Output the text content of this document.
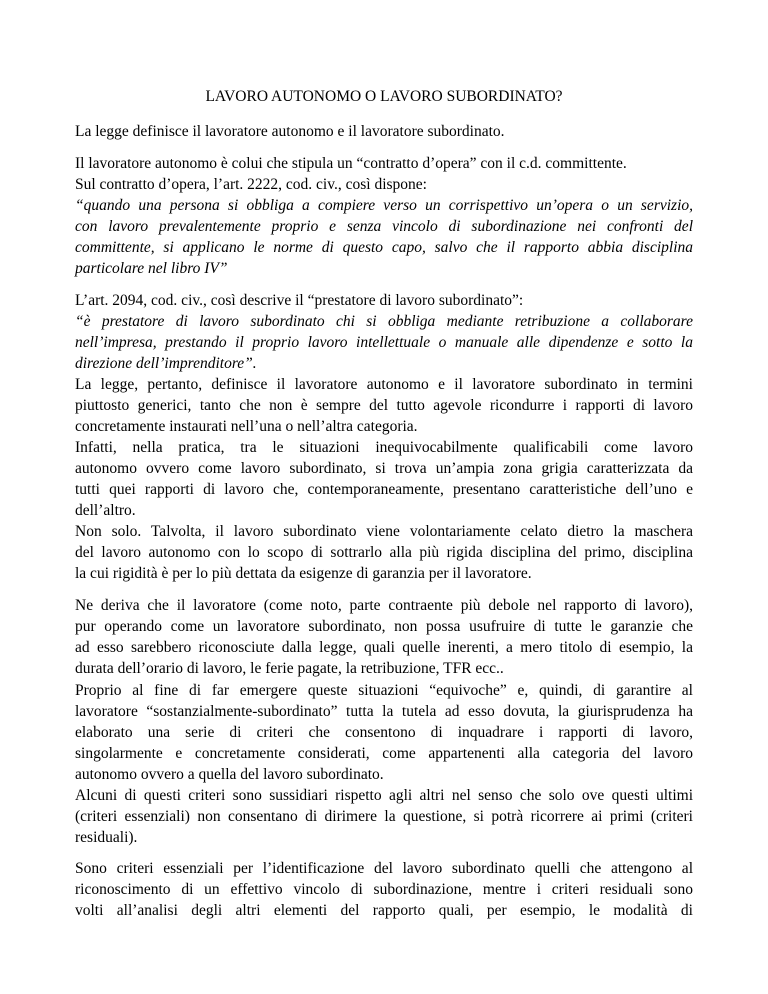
LAVORO AUTONOMO O LAVORO SUBORDINATO?
La legge definisce il lavoratore autonomo e il lavoratore subordinato.
Il lavoratore autonomo è colui che stipula un “contratto d’opera” con il c.d. committente.
Sul contratto d’opera, l’art. 2222, cod. civ., così dispone:
“quando una persona si obbliga a compiere verso un corrispettivo un’opera o un servizio,
con lavoro prevalentemente proprio e senza vincolo di subordinazione nei confronti del
committente, si applicano le norme di questo capo, salvo che il rapporto abbia disciplina
particolare nel libro IV”
L’art. 2094, cod. civ., così descrive il “prestatore di lavoro subordinato”:
“è prestatore di lavoro subordinato chi si obbliga mediante retribuzione a collaborare
nell’impresa, prestando il proprio lavoro intellettuale o manuale alle dipendenze e sotto la
direzione dell’imprenditore”.
La legge, pertanto, definisce il lavoratore autonomo e il lavoratore subordinato in termini
piuttosto generici, tanto che non è sempre del tutto agevole ricondurre i rapporti di lavoro
concretamente instaurati nell’una o nell’altra categoria.
Infatti, nella pratica, tra le situazioni inequivocabilmente qualificabili come lavoro
autonomo ovvero come lavoro subordinato, si trova un’ampia zona grigia caratterizzata da
tutti quei rapporti di lavoro che, contemporaneamente, presentano caratteristiche dell’uno e
dell’altro.
Non solo. Talvolta, il lavoro subordinato viene volontariamente celato dietro la maschera
del lavoro autonomo con lo scopo di sottrarlo alla più rigida disciplina del primo, disciplina
la cui rigidità è per lo più dettata da esigenze di garanzia per il lavoratore.
Ne deriva che il lavoratore (come noto, parte contraente più debole nel rapporto di lavoro),
pur operando come un lavoratore subordinato, non possa usufruire di tutte le garanzie che
ad esso sarebbero riconosciute dalla legge, quali quelle inerenti, a mero titolo di esempio, la
durata dell’orario di lavoro, le ferie pagate, la retribuzione, TFR ecc..
Proprio al fine di far emergere queste situazioni “equivoche” e, quindi, di garantire al
lavoratore “sostanzialmente-subordinato” tutta la tutela ad esso dovuta, la giurisprudenza ha
elaborato una serie di criteri che consentono di inquadrare i rapporti di lavoro,
singolarmente e concretamente considerati, come appartenenti alla categoria del lavoro
autonomo ovvero a quella del lavoro subordinato.
Alcuni di questi criteri sono sussidiari rispetto agli altri nel senso che solo ove questi ultimi
(criteri essenziali) non consentano di dirimere la questione, si potrà ricorrere ai primi (criteri
residuali).
Sono criteri essenziali per l’identificazione del lavoro subordinato quelli che attengono al
riconoscimento di un effettivo vincolo di subordinazione, mentre i criteri residuali sono
volti all’analisi degli altri elementi del rapporto quali, per esempio, le modalità di
